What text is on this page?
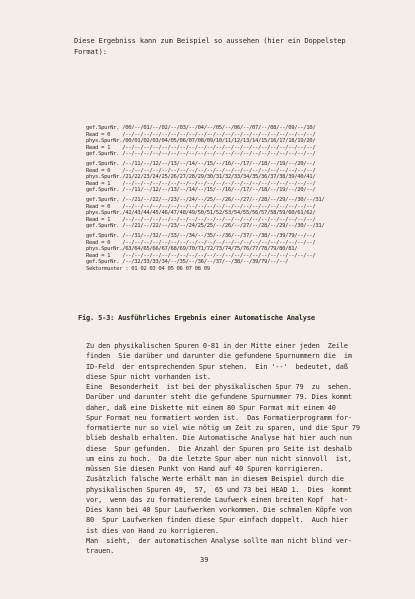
Diese Ergebniss kann zum Beispiel so aussehen (hier ein Doppelstep
Format):
gef.SpurNr. /00/--/01/--/02/--/03/--/04/--/05/--/06/--/07/--/08/--/09/--/10/
Read = 0    /--/--/--/--/--/--/--/--/--/--/--/--/--/--/--/--/--/--/--/--/--/
phys.SpurNr./00/01/02/03/04/05/06/07/08/09/10/11/12/13/14/15/16/17/18/19/20/
Read = 1    /--/--/--/--/--/--/--/--/--/--/--/--/--/--/--/--/--/--/--/--/--/
gef.SpurNr. /--/--/--/--/--/--/--/--/--/--/--/--/--/--/--/--/--/--/--/--/--/
gef.SpurNr. /--/11/--/12/--/13/--/14/--/15/--/16/--/17/--/18/--/19/--/20/--/
Read = 0    /--/--/--/--/--/--/--/--/--/--/--/--/--/--/--/--/--/--/--/--/--/
phys.SpurNr./21/22/23/24/25/26/27/28/29/30/31/32/33/34/35/36/37/38/39/40/41/
Read = 1    /--/--/--/--/--/--/--/--/--/--/--/--/--/--/--/--/--/--/--/--/--/
gef.SpurNr. /--/11/--/12/--/13/--/14/--/15/--/16/--/17/--/18/--/19/--/20/--/
gef.SpurNr. /--/21/--/22/--/23/--/24/--/25/--/26/--/27/--/28/--/29/--/30/--/31/
Read = 0    /--/--/--/--/--/--/--/--/--/--/--/--/--/--/--/--/--/--/--/--/--/
phys.SpurNr./42/43/44/45/46/47/48/49/50/51/52/53/54/55/56/57/58/59/60/61/62/
Read = 1    /--/--/--/--/--/--/--/--/--/--/--/--/--/--/--/--/--/--/--/--/--/
gef.SpurNr. /--/21/--/22/--/23/--/24/25/25/--/26/--/27/--/28/--/29/--/30/--/31/
gef.SpurNr. /--/31/--/32/--/33/--/34/--/35/--/36/--/37/--/38/--/39/79/--/--/
Read = 0    /--/--/--/--/--/--/--/--/--/--/--/--/--/--/--/--/--/--/--/--/--/
phys.SpurNr./63/64/65/66/67/68/69/70/71/72/73/74/75/76/77/78/79/80/81/
Read = 1    /--/--/--/--/--/--/--/--/--/--/--/--/--/--/--/--/--/--/--/--/--/
gef.SpurNr. /--/32/33/33/34/--/35/--/36/--/37/--/38/--/39/79/--/--/
Sektormuster : 01 02 03 04 05 06 07 08 09
Fig. 5-3: Ausführliches Ergebnis einer Automatische Analyse
Zu den physikalischen Spuren 0-81 in der Mitte einer jeden  Zeile
finden  Sie darüber und darunter die gefundene Spurnummern die  im
ID-Feld  der entsprechenden Spur stehen.  Ein '--'  bedeutet, daß
diese Spur nicht vorhanden ist.
Eine  Besonderheit  ist bei der physikalischen Spur 79  zu  sehen.
Darüber und darunter steht die gefundene Spurnummer 79. Dies kommt
daher, daß eine Diskette mit einem 80 Spur Format mit einem 40
Spur Format neu formatiert worden ist.  Das Formatierprogramm for-
formatierte nur so viel wie nötig um Zeit zu sparen, und die Spur 79
blieb deshalb erhalten. Die Automatische Analyse hat hier auch nun
diese  Spur gefunden.  Die Anzahl der Spuren pro Seite ist deshalb
um eins zu hoch.  Da die letzte Spur aber nun nicht sinnvoll  ist,
müssen Sie diesen Punkt von Hand auf 40 Spuren korrigieren.
Zusätzlich falsche Werte erhält man in diesem Beispiel durch die
physikalischen Spuren 49,  57,  65 und 73 bei HEAD 1.  Dies  kommt
vor,  wenn das zu formatierende Laufwerk einen breiten Kopf  hat-
Dies kann bei 40 Spur Laufwerken vorkommen. Die schmalen Köpfe von
80  Spur Laufwerken finden diese Spur einfach doppelt.  Auch hier
ist dies von Hand zu korrigieren.
Man  sieht,  der automatischen Analyse sollte man nicht blind ver-
trauen.
39
